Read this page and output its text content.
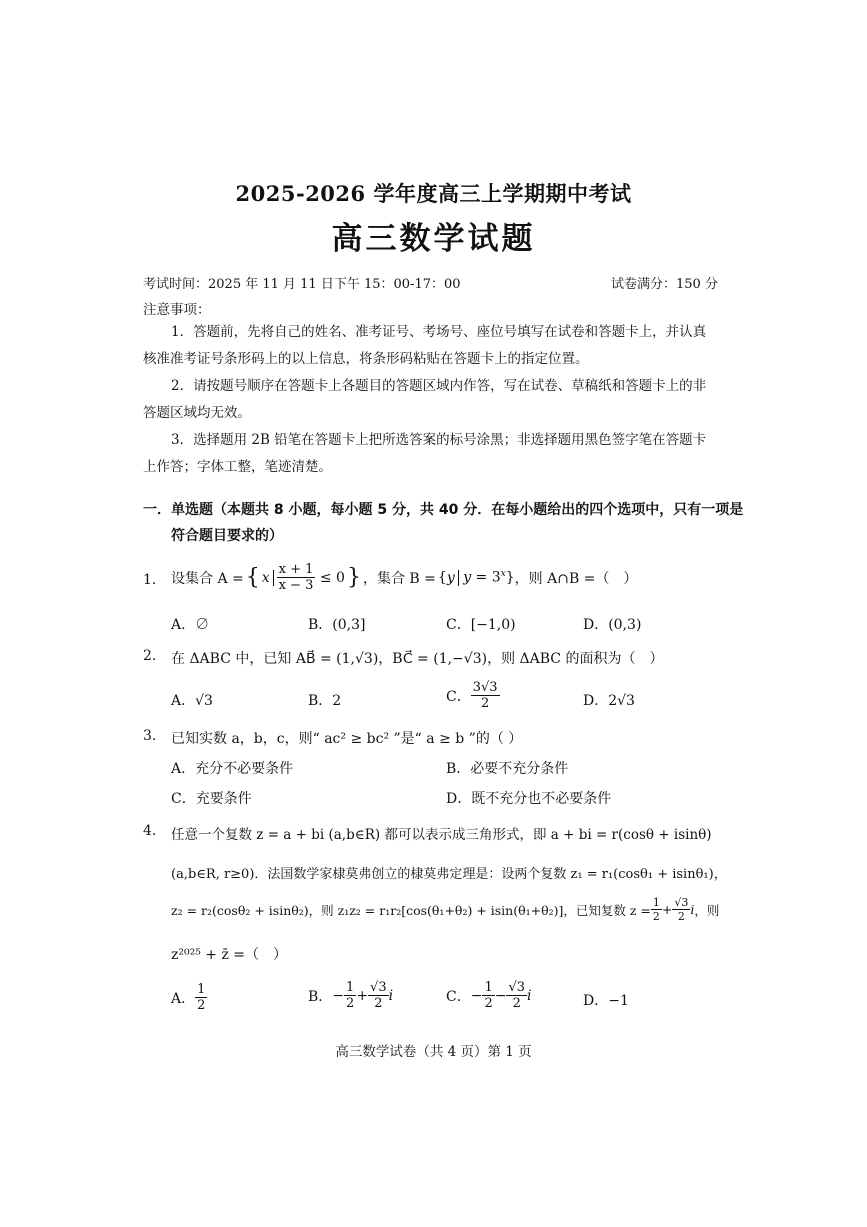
2025-2026 学年度高三上学期期中考试
高三数学试题
考试时间：2025 年 11 月 11 日下午 15：00-17：00	试卷满分：150 分
注意事项：
1．答题前，先将自己的姓名、准考证号、考场号、座位号填写在试卷和答题卡上，并认真
核准准考证号条形码上的以上信息，将条形码粘贴在答题卡上的指定位置。
2．请按题号顺序在答题卡上各题目的答题区域内作答，写在试卷、草稿纸和答题卡上的非
答题区域均无效。
3．选择题用 2B 铅笔在答题卡上把所选答案的标号涂黑；非选择题用黑色签字笔在答题卡
上作答；字体工整，笔迹清楚。
一．单选题（本题共 8 小题，每小题 5 分，共 40 分．在每小题给出的四个选项中，只有一项是
符合题目要求的）
1. 设集合 A = { x $\frac{x + 1}{x - 3} \le 0$ } ，集合 B = {y $y = 3^x$} ，则 A∩B =（　）
A．∅	B．(0,3]	C．[−1,0)	D．(0,3)
2. 在 ΔABC 中，已知 AB⃗ = (1,√3)，BC⃗ = (1,−√3)，则 ΔABC 的面积为（　）
A．√3	B．2	C． $\frac{3√3}{2}$	D．2√3
3. 已知实数 a，b，c，则“ ac² ≥ bc² ”是“ a ≥ b ”的（ ）
A．充分不必要条件	B．必要不充分条件
C．充要条件	D．既不充分也不必要条件
4. 任意一个复数 z = a + bi (a,b∈R) 都可以表示成三角形式，即 a + bi = r(cosθ + isinθ)
(a,b∈R, r≥0)．法国数学家棣莫弗创立的棣莫弗定理是：设两个复数 z₁ = r₁(cosθ₁ + isinθ₁)，
z₂ = r₂(cosθ₂ + isinθ₂)，则 z₁z₂ = r₁r₂[cos(θ₁+θ₂) + isin(θ₁+θ₂)]，已知复数 $z = \frac{1}{2} + \frac{√3}{2}$ i ，则
z²⁰²⁵ + z̄ =（　）
A． $\frac{1}{2}$	B． − $\frac{1}{2} + \frac{√3}{2}$ i	C． − $\frac{1}{2} - \frac{√3}{2}$ i	D．−1
高三数学试卷（共 4 页）第 1 页
